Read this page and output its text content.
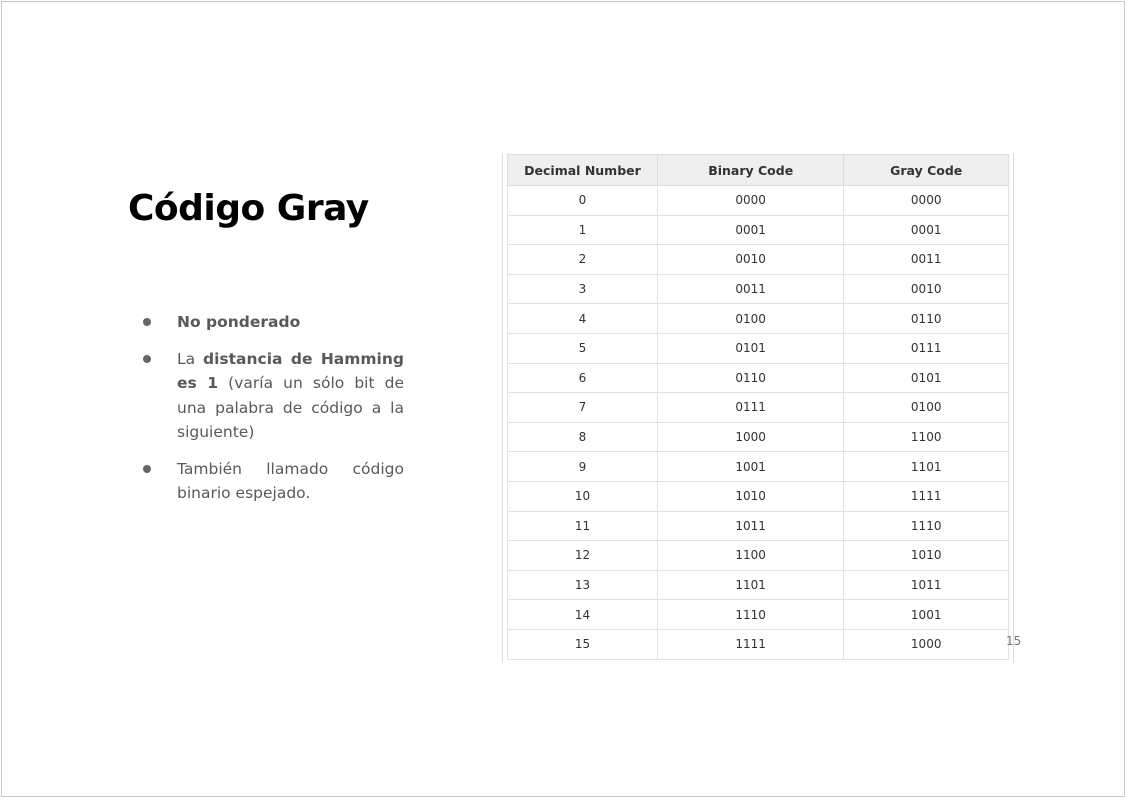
Código Gray
No ponderado
La distancia de Hamming es 1 (varía un sólo bit de una palabra de código a la siguiente)
También llamado código binario espejado.
Decimal Number	Binary Code	Gray Code
0	0000	0000
1	0001	0001
2	0010	0011
3	0011	0010
4	0100	0110
5	0101	0111
6	0110	0101
7	0111	0100
8	1000	1100
9	1001	1101
10	1010	1111
11	1011	1110
12	1100	1010
13	1101	1011
14	1110	1001
15	1111	1000	15
